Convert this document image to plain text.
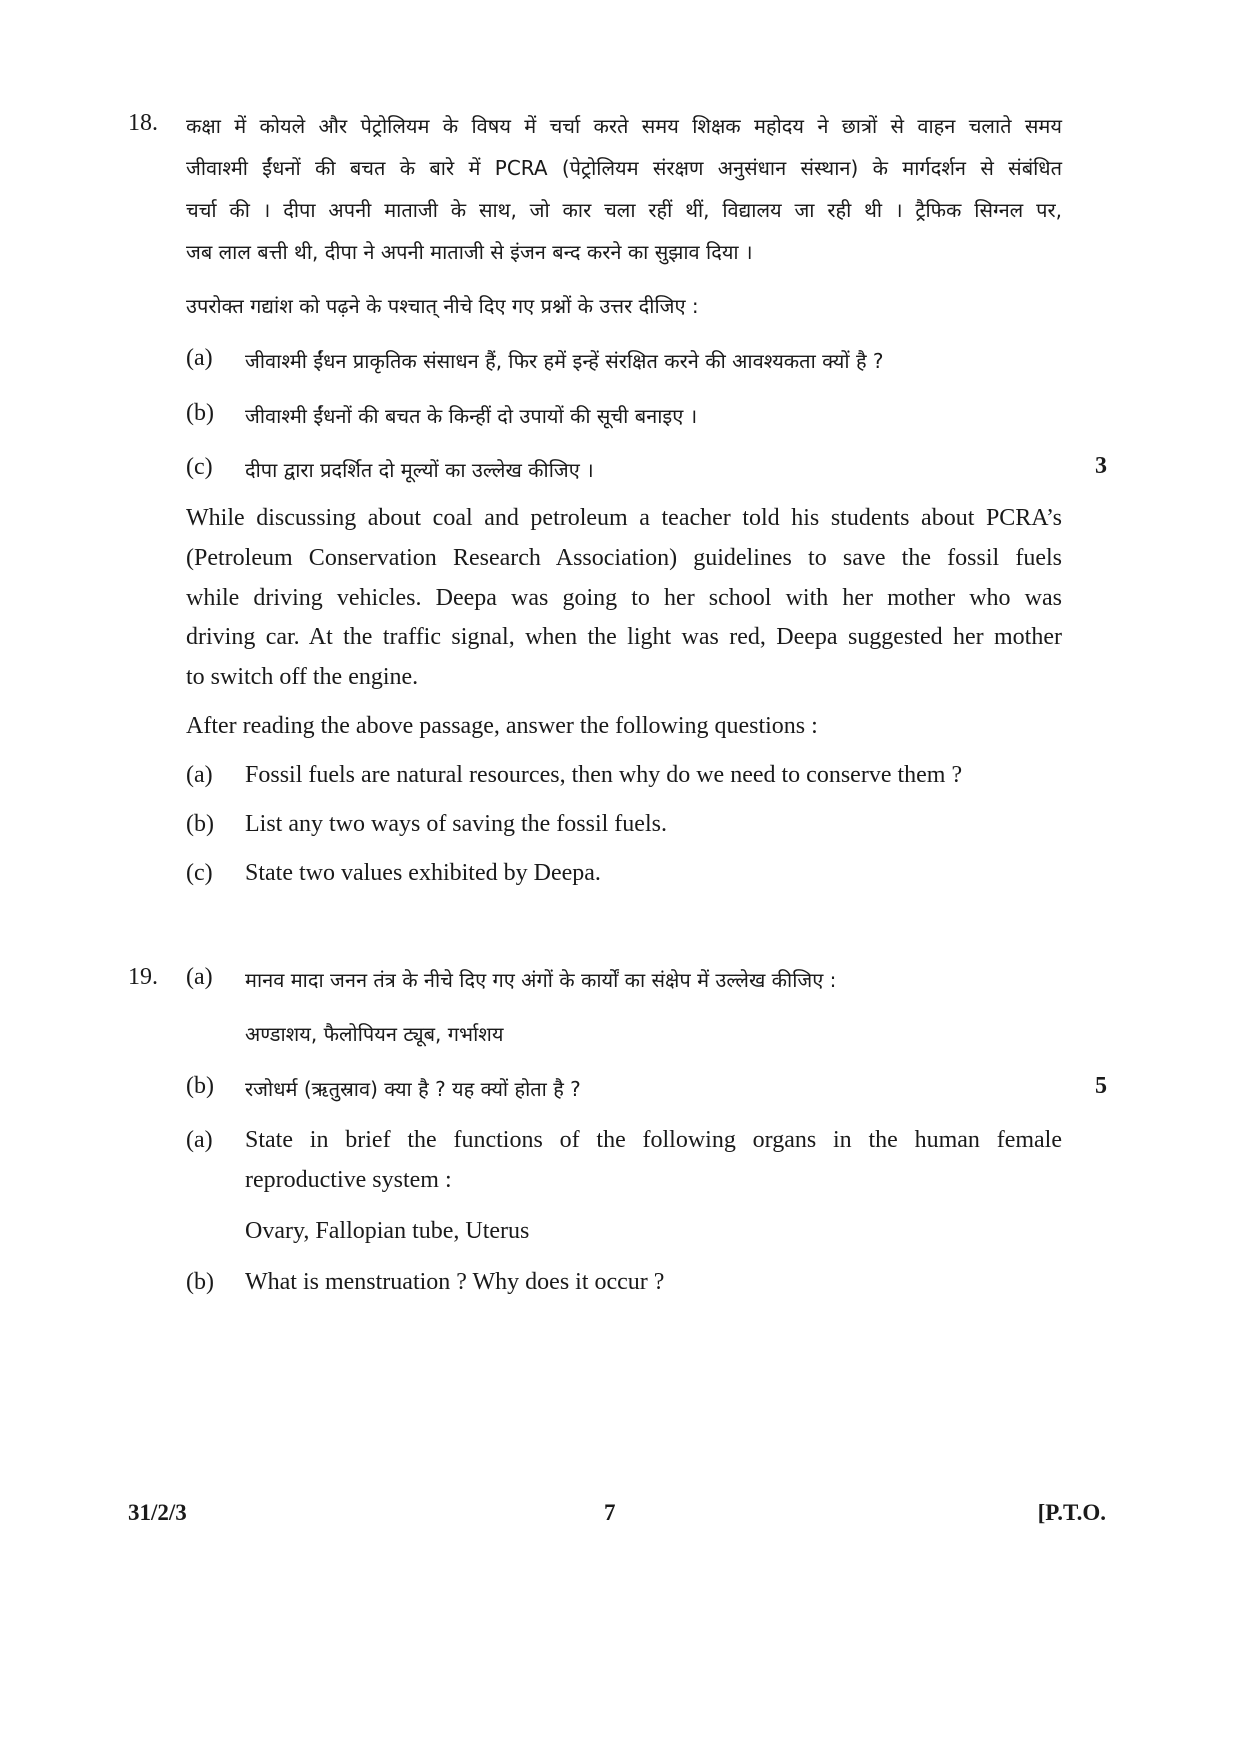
18. कक्षा में कोयले और पेट्रोलियम के विषय में चर्चा करते समय शिक्षक महोदय ने छात्रों से वाहन चलाते समय
जीवाश्मी ईंधनों की बचत के बारे में PCRA (पेट्रोलियम संरक्षण अनुसंधान संस्थान) के मार्गदर्शन से संबंधित
चर्चा की । दीपा अपनी माताजी के साथ, जो कार चला रहीं थीं, विद्यालय जा रही थी । ट्रैफिक सिग्नल पर,
जब लाल बत्ती थी, दीपा ने अपनी माताजी से इंजन बन्द करने का सुझाव दिया ।
उपरोक्त गद्यांश को पढ़ने के पश्चात् नीचे दिए गए प्रश्नों के उत्तर दीजिए :
(a) जीवाश्मी ईंधन प्राकृतिक संसाधन हैं, फिर हमें इन्हें संरक्षित करने की आवश्यकता क्यों है ?
(b) जीवाश्मी ईंधनों की बचत के किन्हीं दो उपायों की सूची बनाइए ।
(c) दीपा द्वारा प्रदर्शित दो मूल्यों का उल्लेख कीजिए ।	3
While discussing about coal and petroleum a teacher told his students about PCRA’s
(Petroleum Conservation Research Association) guidelines to save the fossil fuels
while driving vehicles. Deepa was going to her school with her mother who was
driving car. At the traffic signal, when the light was red, Deepa suggested her mother
to switch off the engine.
After reading the above passage, answer the following questions :
(a) Fossil fuels are natural resources, then why do we need to conserve them ?
(b) List any two ways of saving the fossil fuels.
(c) State two values exhibited by Deepa.
19. (a) मानव मादा जनन तंत्र के नीचे दिए गए अंगों के कार्यों का संक्षेप में उल्लेख कीजिए :
अण्डाशय, फैलोपियन ट्यूब, गर्भाशय
(b) रजोधर्म (ऋतुस्राव) क्या है ? यह क्यों होता है ?	5
(a) State in brief the functions of the following organs in the human female
reproductive system :
Ovary, Fallopian tube, Uterus
(b) What is menstruation ? Why does it occur ?
31/2/3	7	[P.T.O.
